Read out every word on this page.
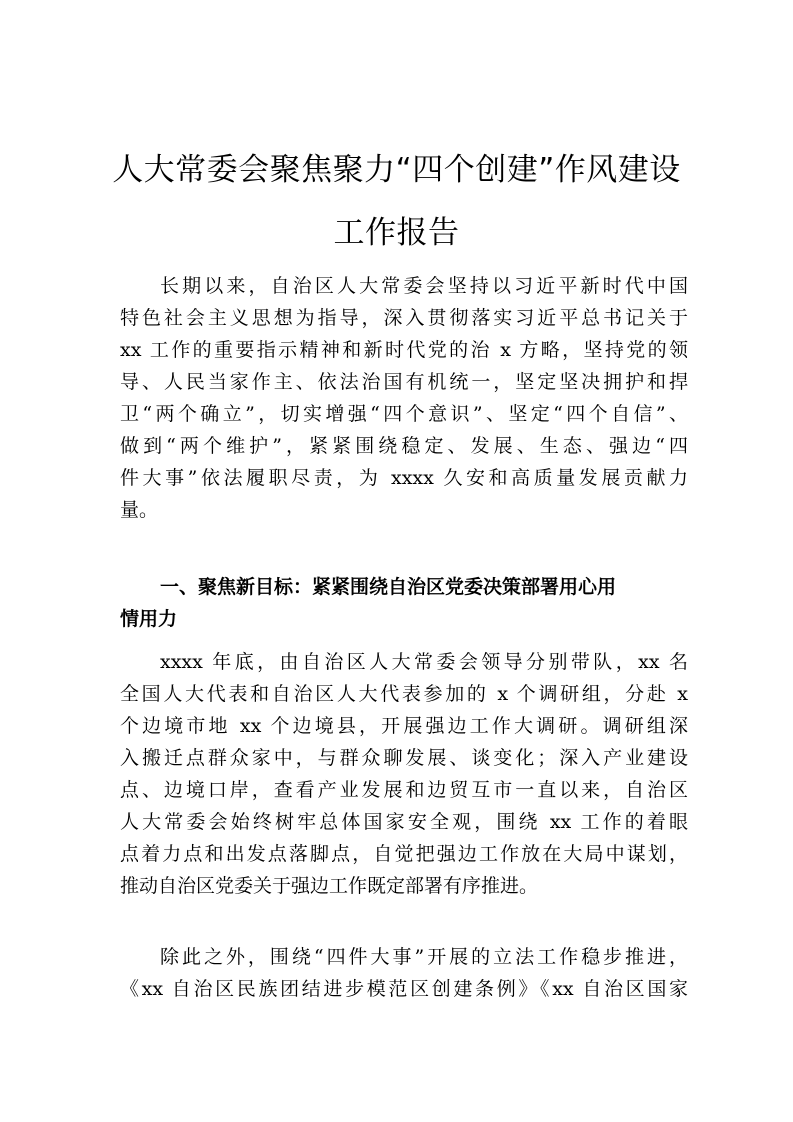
人大常委会聚焦聚力“四个创建”作风建设
工作报告
长期以来，自治区人大常委会坚持以习近平新时代中国
特色社会主义思想为指导，深入贯彻落实习近平总书记关于
xx 工作的重要指示精神和新时代党的治 x 方略，坚持党的领
导、人民当家作主、依法治国有机统一，坚定坚决拥护和捍
卫“两个确立”，切实增强“四个意识”、坚定“四个自信”、
做到“两个维护”，紧紧围绕稳定、发展、生态、强边“四
件大事”依法履职尽责，为 xxxx 久安和高质量发展贡献力
量。
一、聚焦新目标：紧紧围绕自治区党委决策部署用心用
情用力
xxxx 年底，由自治区人大常委会领导分别带队，xx 名
全国人大代表和自治区人大代表参加的 x 个调研组，分赴 x
个边境市地 xx 个边境县，开展强边工作大调研。调研组深
入搬迁点群众家中，与群众聊发展、谈变化；深入产业建设
点、边境口岸，查看产业发展和边贸互市一直以来，自治区
人大常委会始终树牢总体国家安全观，围绕 xx 工作的着眼
点着力点和出发点落脚点，自觉把强边工作放在大局中谋划，
推动自治区党委关于强边工作既定部署有序推进。
除此之外，围绕“四件大事”开展的立法工作稳步推进，
《xx 自治区民族团结进步模范区创建条例》《xx 自治区国家
